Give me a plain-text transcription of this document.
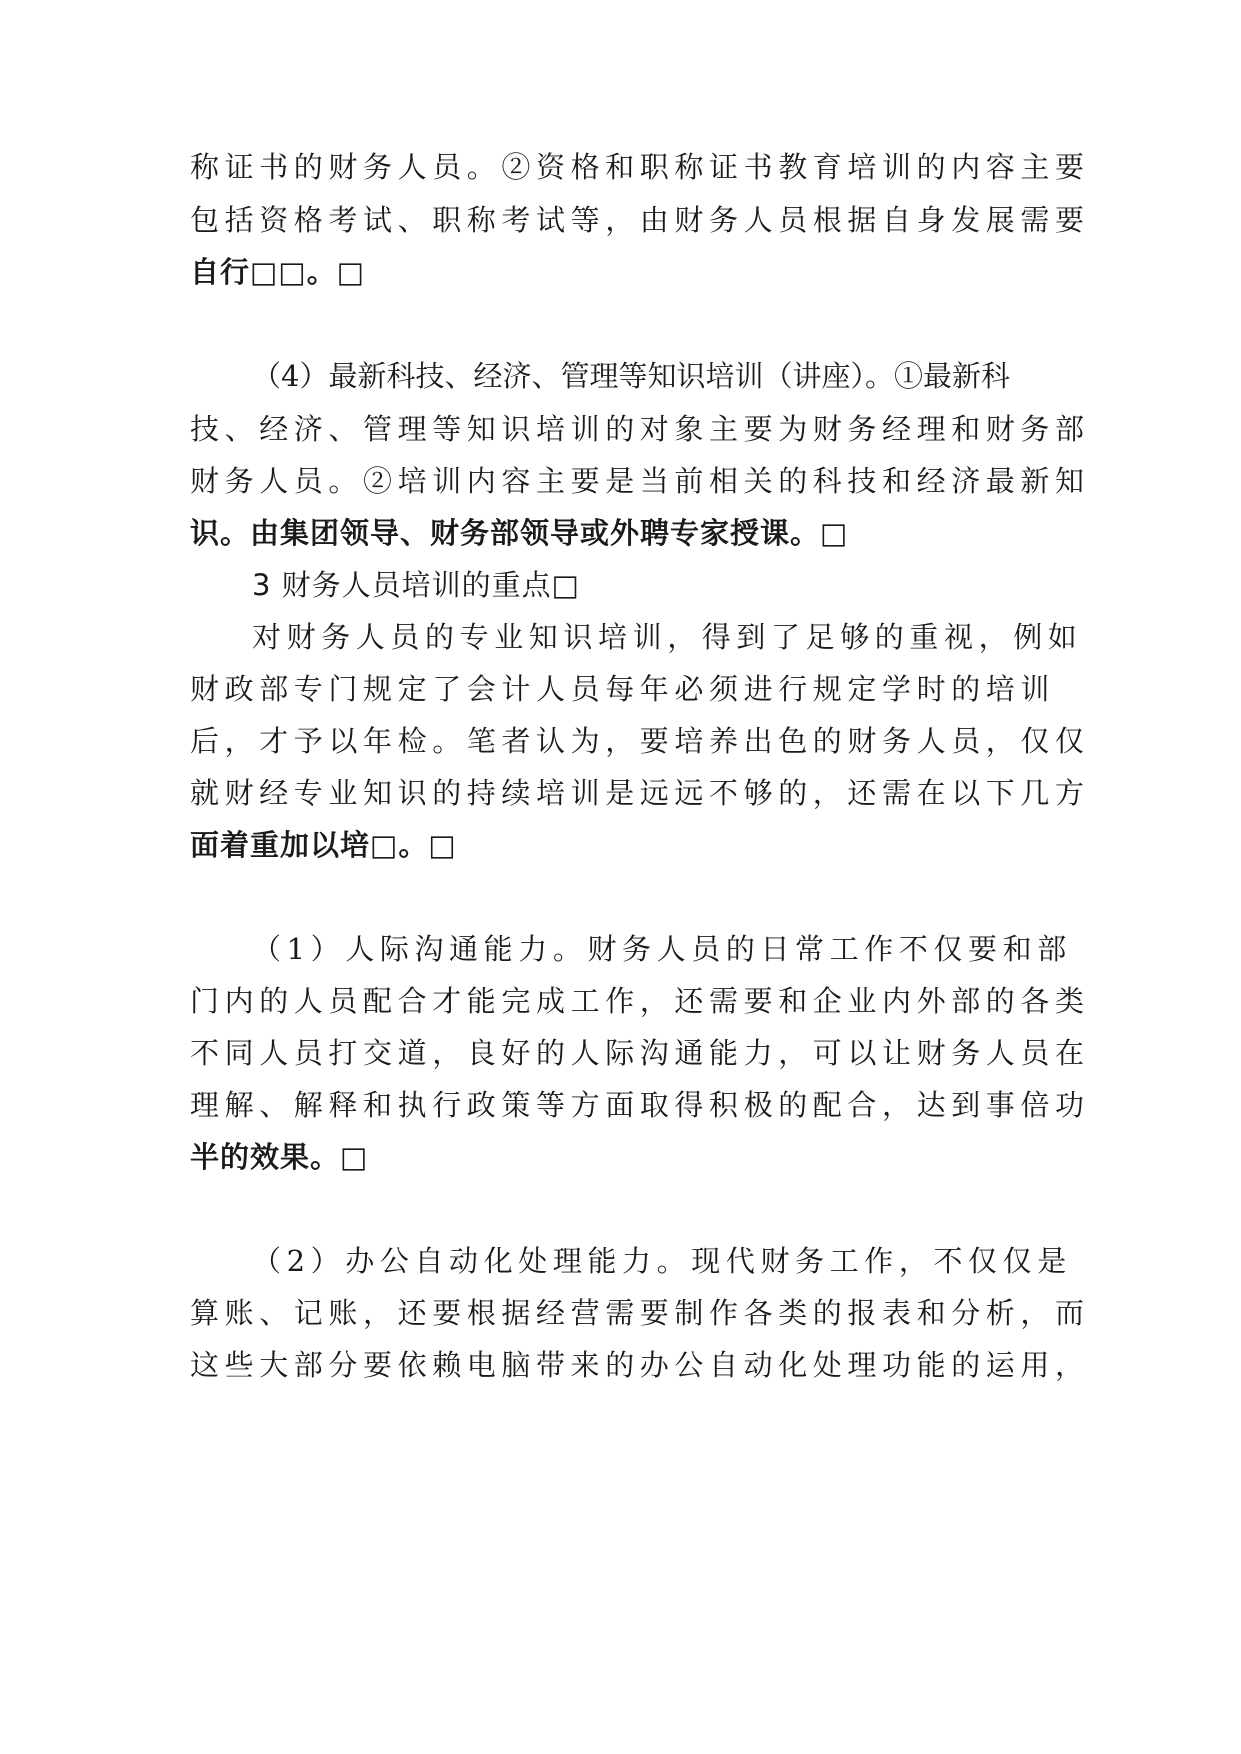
称证书的财务人员。②资格和职称证书教育培训的内容主要
包括资格考试、职称考试等，由财务人员根据自身发展需要
自行□□。□
（4）最新科技、经济、管理等知识培训（讲座）。①最新科
技、经济、管理等知识培训的对象主要为财务经理和财务部
财务人员。②培训内容主要是当前相关的科技和经济最新知
识。由集团领导、财务部领导或外聘专家授课。□
3 财务人员培训的重点□
对财务人员的专业知识培训，得到了足够的重视，例如
财政部专门规定了会计人员每年必须进行规定学时的培训
后，才予以年检。笔者认为，要培养出色的财务人员，仅仅
就财经专业知识的持续培训是远远不够的，还需在以下几方
面着重加以培□。□
（1）人际沟通能力。财务人员的日常工作不仅要和部
门内的人员配合才能完成工作，还需要和企业内外部的各类
不同人员打交道，良好的人际沟通能力，可以让财务人员在
理解、解释和执行政策等方面取得积极的配合，达到事倍功
半的效果。□
（2）办公自动化处理能力。现代财务工作，不仅仅是
算账、记账，还要根据经营需要制作各类的报表和分析，而
这些大部分要依赖电脑带来的办公自动化处理功能的运用，
